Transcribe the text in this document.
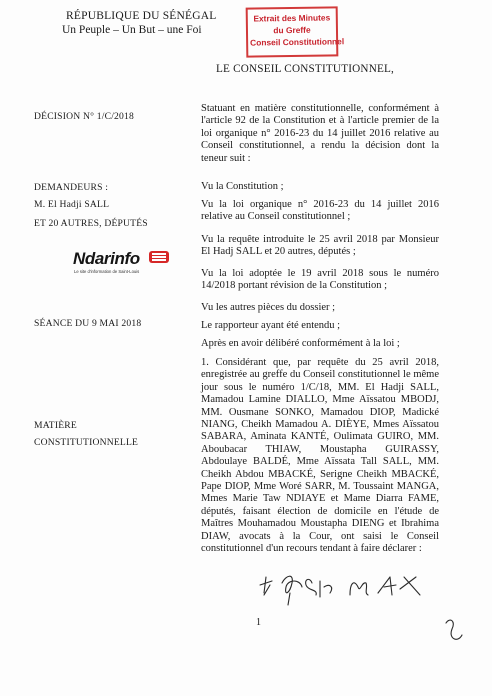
RÉPUBLIQUE DU SÉNÉGAL
Un Peuple – Un But – une Foi
Extrait des Minutes
du Greffe
Conseil Constitutionnel
LE CONSEIL CONSTITUTIONNEL,
DÉCISION N° 1/C/2018
DEMANDEURS :
M. El Hadji SALL
ET 20 AUTRES, DÉPUTÉS
Ndarinfo
Le site d'information de Saint-Louis
SÉANCE DU 9 MAI 2018
MATIÈRE
CONSTITUTIONNELLE
Statuant en matière constitutionnelle, conformément à l'article 92 de la Constitution et à l'article premier de la loi organique n° 2016-23 du 14 juillet 2016 relative au Conseil constitutionnel, a rendu la décision dont la teneur suit :
Vu la Constitution ;
Vu la loi organique n° 2016-23 du 14 juillet 2016 relative au Conseil constitutionnel ;
Vu la requête introduite le 25 avril 2018 par Monsieur El Hadj SALL et 20 autres, députés ;
Vu la loi adoptée le 19 avril 2018 sous le numéro 14/2018 portant révision de la Constitution ;
Vu les autres pièces du dossier ;
Le rapporteur ayant été entendu ;
Après en avoir délibéré conformément à la loi ;
1. Considérant que, par requête du 25 avril 2018, enregistrée au greffe du Conseil constitutionnel le même jour sous le numéro 1/C/18, MM. El Hadji SALL, Mamadou Lamine DIALLO, Mme Aïssatou MBODJ, MM. Ousmane SONKO, Mamadou DIOP, Madické NIANG, Cheikh Mamadou A. DIÈYE, Mmes Aïssatou SABARA, Aminata KANTÉ, Oulimata GUIRO, MM. Aboubacar THIAW, Moustapha GUIRASSY, Abdoulaye BALDÉ, Mme Aïssata Tall SALL, MM. Cheikh Abdou MBACKÉ, Serigne Cheikh MBACKÉ, Pape DIOP, Mme Woré SARR, M. Toussaint MANGA, Mmes Marie Taw NDIAYE et Mame Diarra FAME, députés, faisant élection de domicile en l'étude de Maîtres Mouhamadou Moustapha DIENG et Ibrahima DIAW, avocats à la Cour, ont saisi le Conseil constitutionnel d'un recours tendant à faire déclarer :
1
